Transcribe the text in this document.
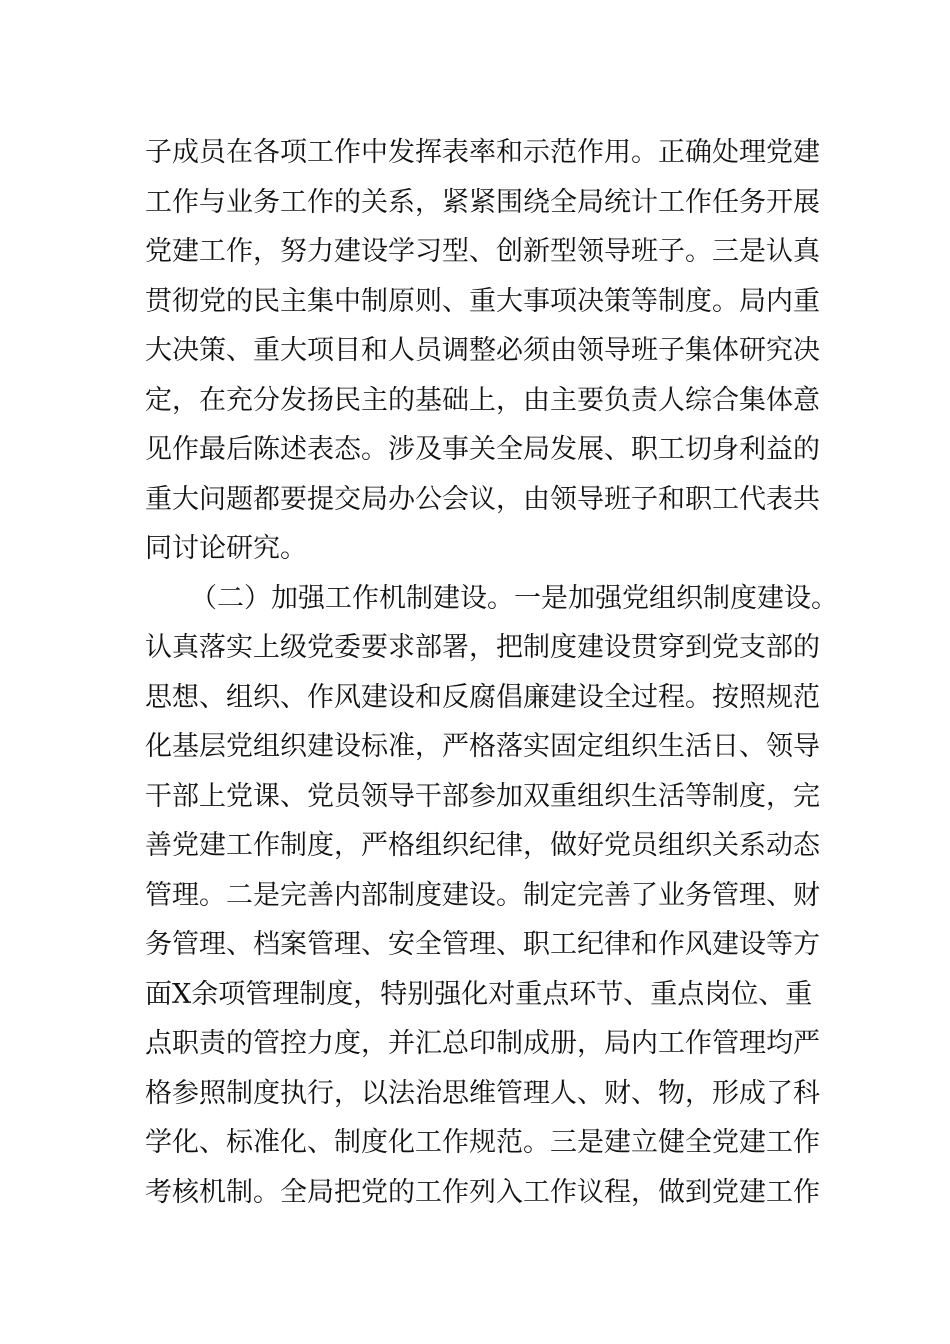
子成员在各项工作中发挥表率和示范作用。正确处理党建
工作与业务工作的关系，紧紧围绕全局统计工作任务开展
党建工作，努力建设学习型、创新型领导班子。三是认真
贯彻党的民主集中制原则、重大事项决策等制度。局内重
大决策、重大项目和人员调整必须由领导班子集体研究决
定，在充分发扬民主的基础上，由主要负责人综合集体意
见作最后陈述表态。涉及事关全局发展、职工切身利益的
重大问题都要提交局办公会议，由领导班子和职工代表共
同讨论研究。
（二）加强工作机制建设。一是加强党组织制度建设。
认真落实上级党委要求部署，把制度建设贯穿到党支部的
思想、组织、作风建设和反腐倡廉建设全过程。按照规范
化基层党组织建设标准，严格落实固定组织生活日、领导
干部上党课、党员领导干部参加双重组织生活等制度，完
善党建工作制度，严格组织纪律，做好党员组织关系动态
管理。二是完善内部制度建设。制定完善了业务管理、财
务管理、档案管理、安全管理、职工纪律和作风建设等方
面X余项管理制度，特别强化对重点环节、重点岗位、重
点职责的管控力度，并汇总印制成册，局内工作管理均严
格参照制度执行，以法治思维管理人、财、物，形成了科
学化、标准化、制度化工作规范。三是建立健全党建工作
考核机制。全局把党的工作列入工作议程，做到党建工作
